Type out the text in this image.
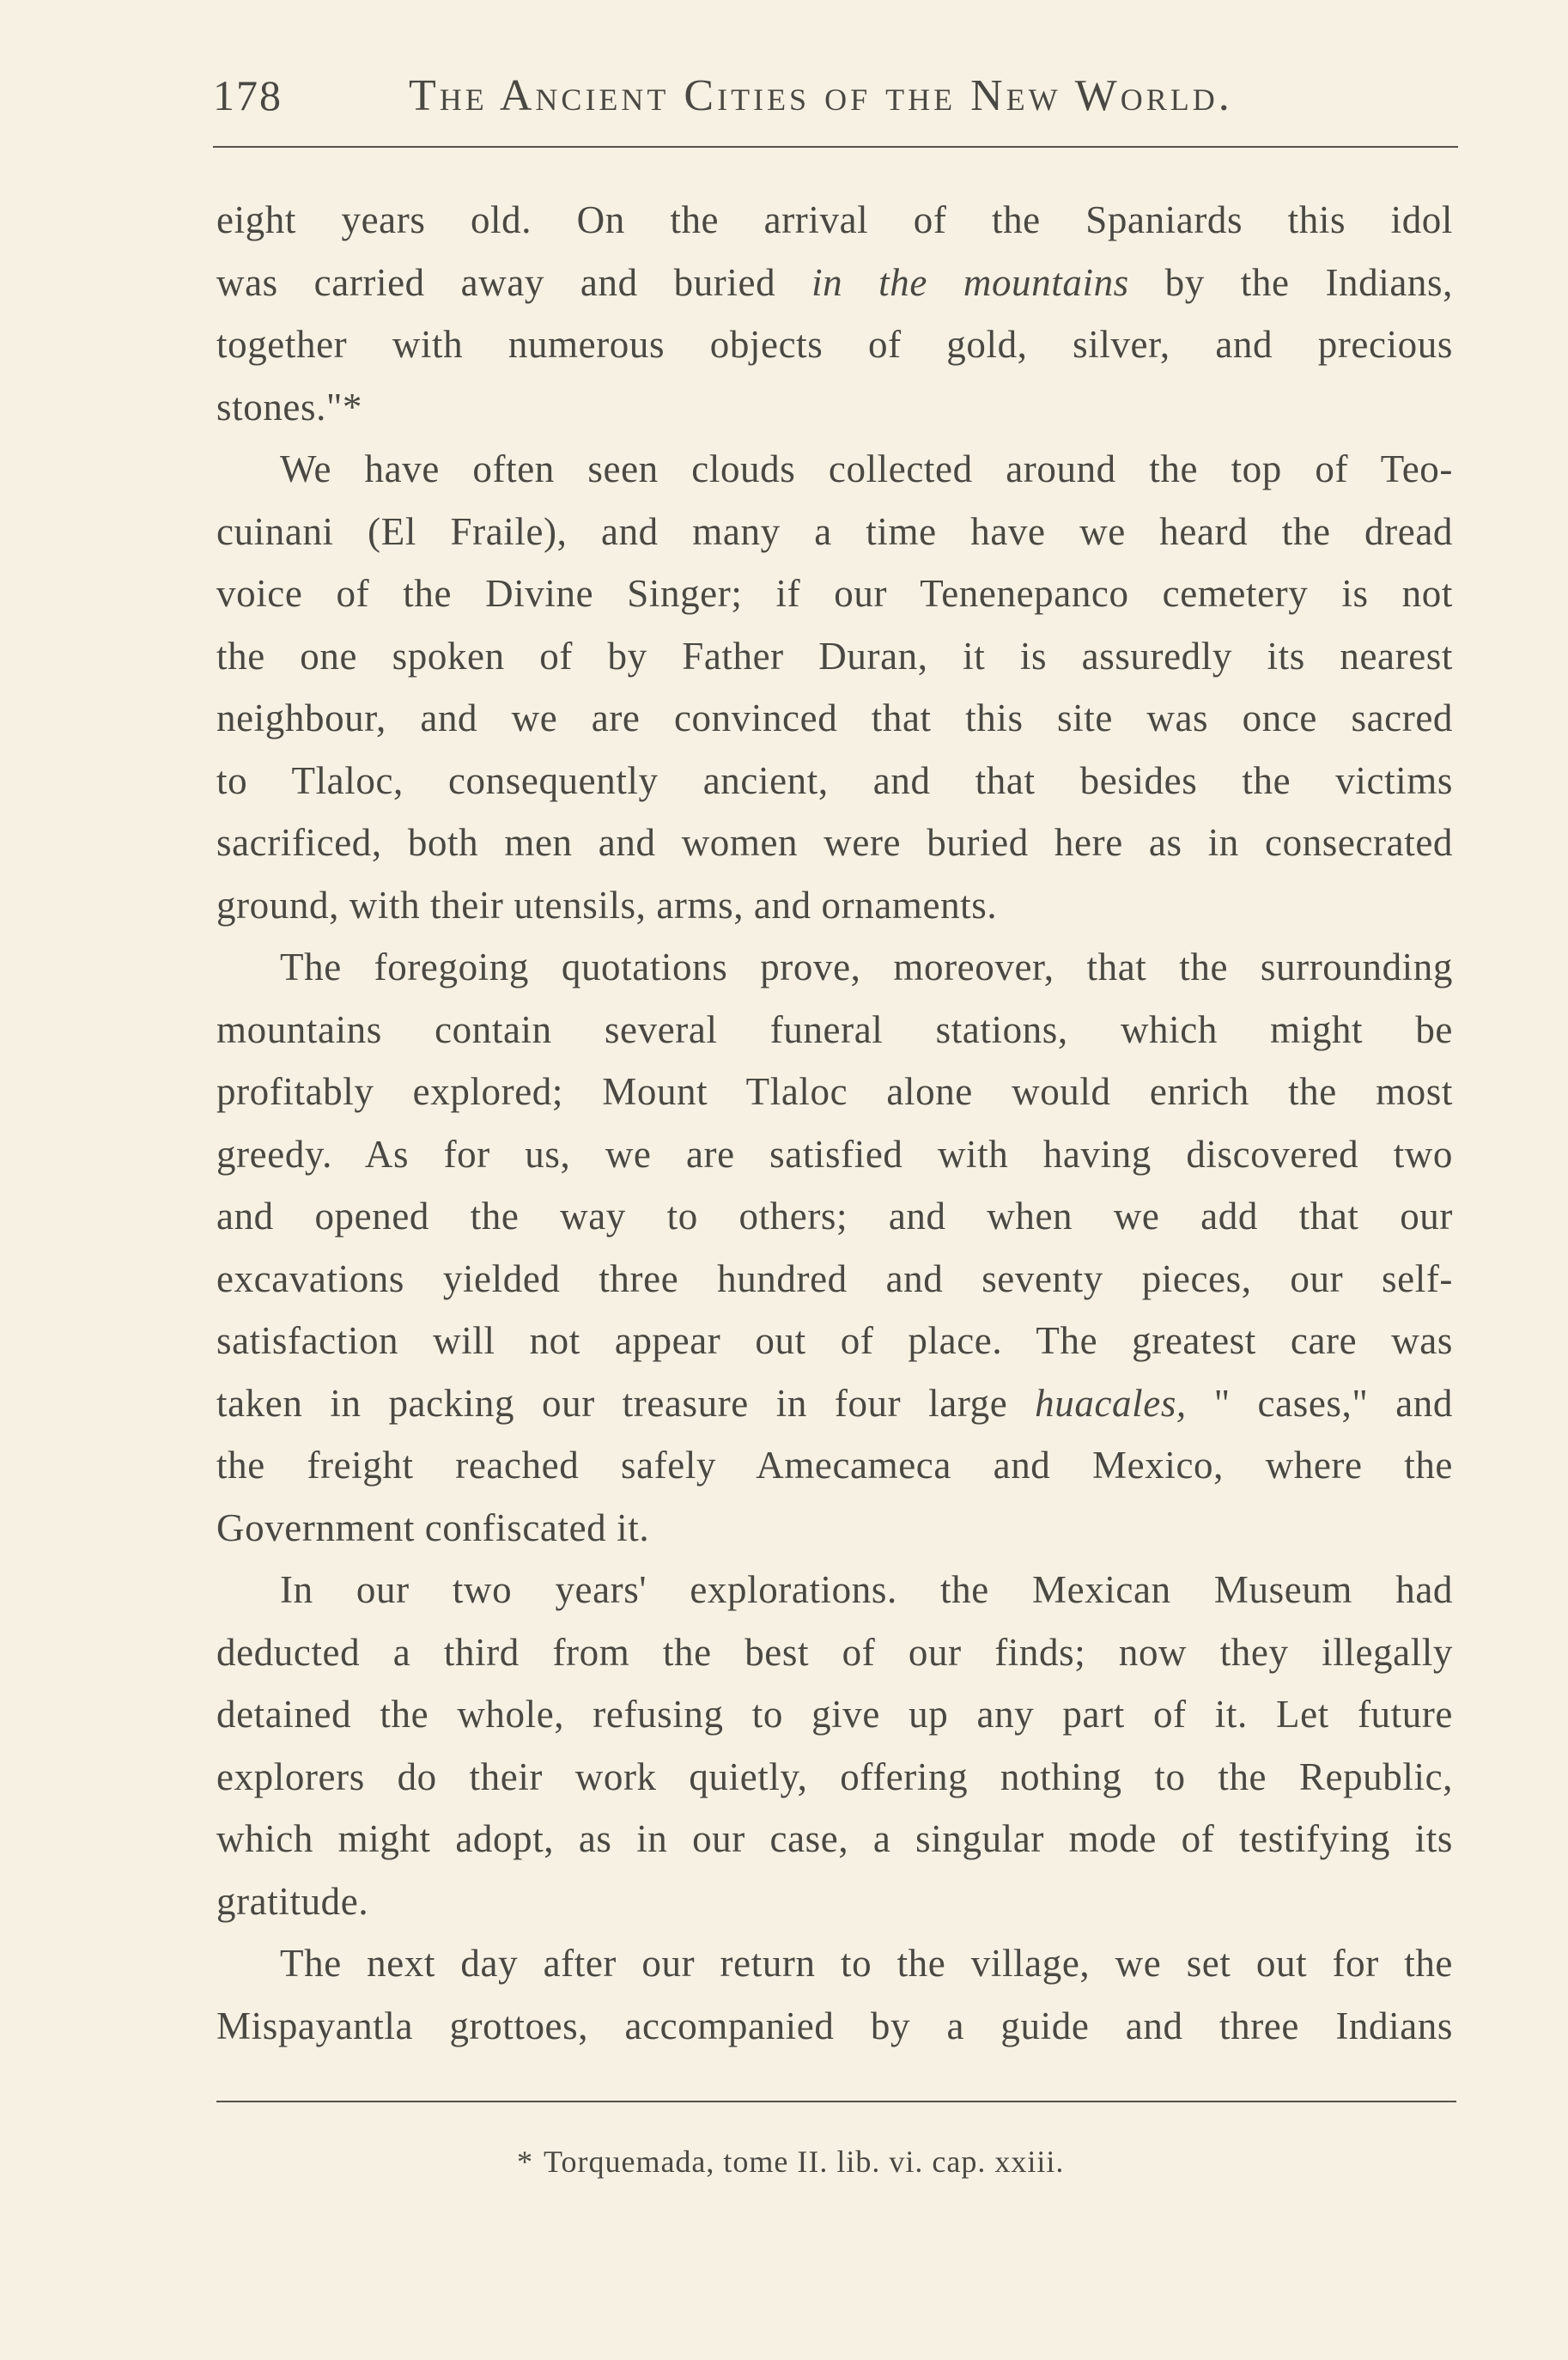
178	The Ancient Cities of the New World.
eight years old. On the arrival of the Spaniards this idol
was carried away and buried in the mountains by the Indians,
together with numerous objects of gold, silver, and precious
stones."*
We have often seen clouds collected around the top of Teo-
cuinani (El Fraile), and many a time have we heard the dread
voice of the Divine Singer; if our Tenenepanco cemetery is not
the one spoken of by Father Duran, it is assuredly its nearest
neighbour, and we are convinced that this site was once sacred
to Tlaloc, consequently ancient, and that besides the victims
sacrificed, both men and women were buried here as in consecrated
ground, with their utensils, arms, and ornaments.
The foregoing quotations prove, moreover, that the surrounding
mountains contain several funeral stations, which might be
profitably explored; Mount Tlaloc alone would enrich the most
greedy. As for us, we are satisfied with having discovered two
and opened the way to others; and when we add that our
excavations yielded three hundred and seventy pieces, our self-
satisfaction will not appear out of place. The greatest care was
taken in packing our treasure in four large huacales, " cases," and
the freight reached safely Amecameca and Mexico, where the
Government confiscated it.
In our two years' explorations. the Mexican Museum had
deducted a third from the best of our finds; now they illegally
detained the whole, refusing to give up any part of it. Let future
explorers do their work quietly, offering nothing to the Republic,
which might adopt, as in our case, a singular mode of testifying its
gratitude.
The next day after our return to the village, we set out for the
Mispayantla grottoes, accompanied by a guide and three Indians
* Torquemada, tome II. lib. vi. cap. xxiii.
